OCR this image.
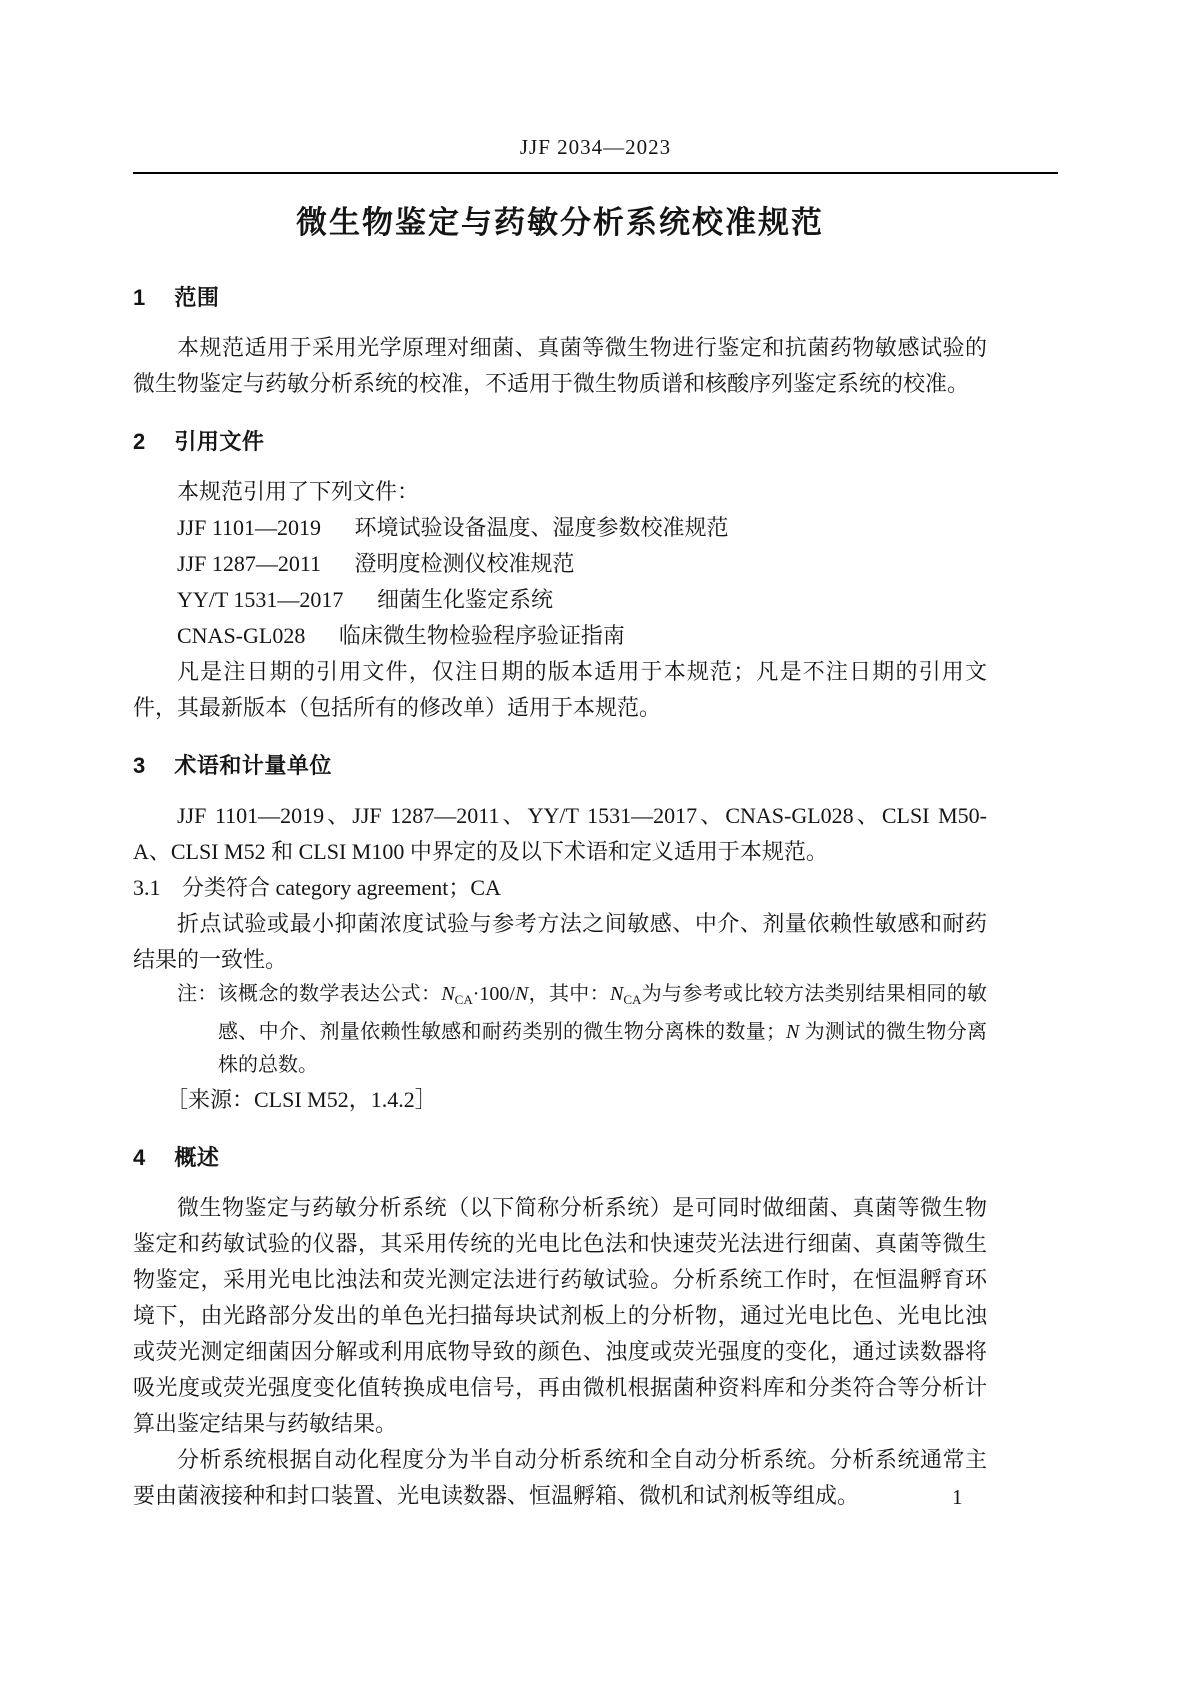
JJF 2034—2023
微生物鉴定与药敏分析系统校准规范
1 范围

本规范适用于采用光学原理对细菌、真菌等微生物进行鉴定和抗菌药物敏感试验的微生物鉴定与药敏分析系统的校准，不适用于微生物质谱和核酸序列鉴定系统的校准。

2 引用文件

本规范引用了下列文件：

JJF 1101—2019 环境试验设备温度、湿度参数校准规范

JJF 1287—2011 澄明度检测仪校准规范

YY/T 1531—2017 细菌生化鉴定系统

CNAS-GL028 临床微生物检验程序验证指南

凡是注日期的引用文件，仅注日期的版本适用于本规范；凡是不注日期的引用文件，其最新版本（包括所有的修改单）适用于本规范。

3 术语和计量单位

JJF 1101—2019、JJF 1287—2011、YY/T 1531—2017、CNAS-GL028、CLSI M50-A、CLSI M52 和 CLSI M100 中界定的及以下术语和定义适用于本规范。

3.1 分类符合 category agreement；CA

折点试验或最小抑菌浓度试验与参考方法之间敏感、中介、剂量依赖性敏感和耐药结果的一致性。

注：该概念的数学表达公式：$N_{CA}\cdot 100/N$，其中：$N_{CA}$为与参考或比较方法类别结果相同的敏感、中介、剂量依赖性敏感和耐药类别的微生物分离株的数量；N 为测试的微生物分离株的总数。

［来源：CLSI M52，1.4.2］

4 概述

微生物鉴定与药敏分析系统（以下简称分析系统）是可同时做细菌、真菌等微生物鉴定和药敏试验的仪器，其采用传统的光电比色法和快速荧光法进行细菌、真菌等微生物鉴定，采用光电比浊法和荧光测定法进行药敏试验。分析系统工作时，在恒温孵育环境下，由光路部分发出的单色光扫描每块试剂板上的分析物，通过光电比色、光电比浊或荧光测定细菌因分解或利用底物导致的颜色、浊度或荧光强度的变化，通过读数器将吸光度或荧光强度变化值转换成电信号，再由微机根据菌种资料库和分类符合等分析计算出鉴定结果与药敏结果。

分析系统根据自动化程度分为半自动分析系统和全自动分析系统。分析系统通常主要由菌液接种和封口装置、光电读数器、恒温孵箱、微机和试剂板等组成。	1
